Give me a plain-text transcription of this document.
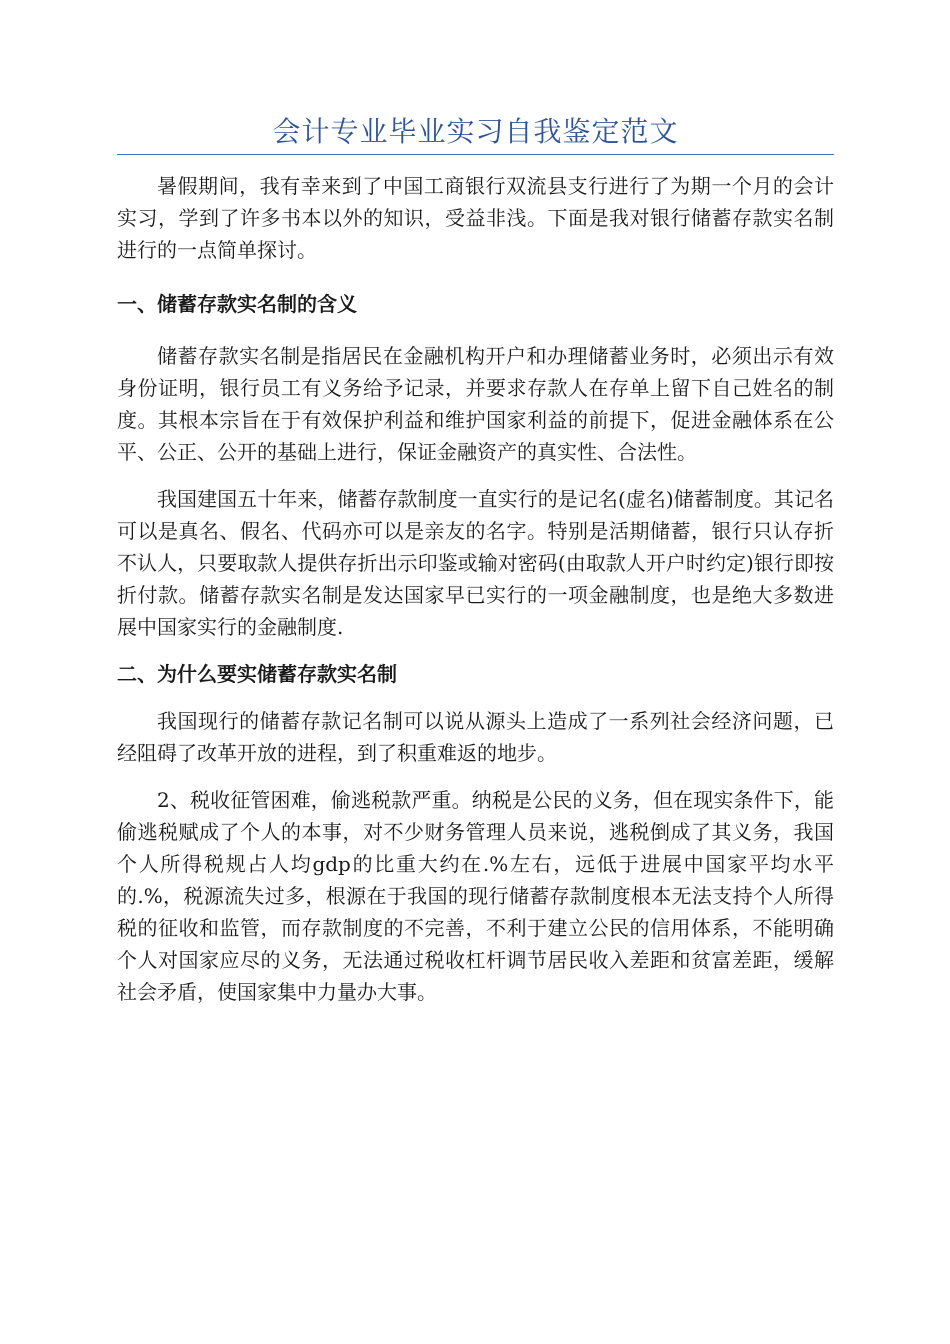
会计专业毕业实习自我鉴定范文

暑假期间，我有幸来到了中国工商银行双流县支行进行了为期一个月的会计实习，学到了许多书本以外的知识，受益非浅。下面是我对银行储蓄存款实名制进行的一点简单探讨。

一、储蓄存款实名制的含义

储蓄存款实名制是指居民在金融机构开户和办理储蓄业务时，必须出示有效身份证明，银行员工有义务给予记录，并要求存款人在存单上留下自己姓名的制度。其根本宗旨在于有效保护利益和维护国家利益的前提下，促进金融体系在公平、公正、公开的基础上进行，保证金融资产的真实性、合法性。

我国建国五十年来，储蓄存款制度一直实行的是记名(虚名)储蓄制度。其记名可以是真名、假名、代码亦可以是亲友的名字。特别是活期储蓄，银行只认存折不认人，只要取款人提供存折出示印鉴或输对密码(由取款人开户时约定)银行即按折付款。储蓄存款实名制是发达国家早已实行的一项金融制度，也是绝大多数进展中国家实行的金融制度.

二、为什么要实储蓄存款实名制

我国现行的储蓄存款记名制可以说从源头上造成了一系列社会经济问题，已经阻碍了改革开放的进程，到了积重难返的地步。

2、税收征管困难，偷逃税款严重。纳税是公民的义务，但在现实条件下，能偷逃税赋成了个人的本事，对不少财务管理人员来说，逃税倒成了其义务，我国个人所得税规占人均gdp的比重大约在.%左右，远低于进展中国家平均水平的.%，税源流失过多，根源在于我国的现行储蓄存款制度根本无法支持个人所得税的征收和监管，而存款制度的不完善，不利于建立公民的信用体系，不能明确个人对国家应尽的义务，无法通过税收杠杆调节居民收入差距和贫富差距，缓解社会矛盾，使国家集中力量办大事。
